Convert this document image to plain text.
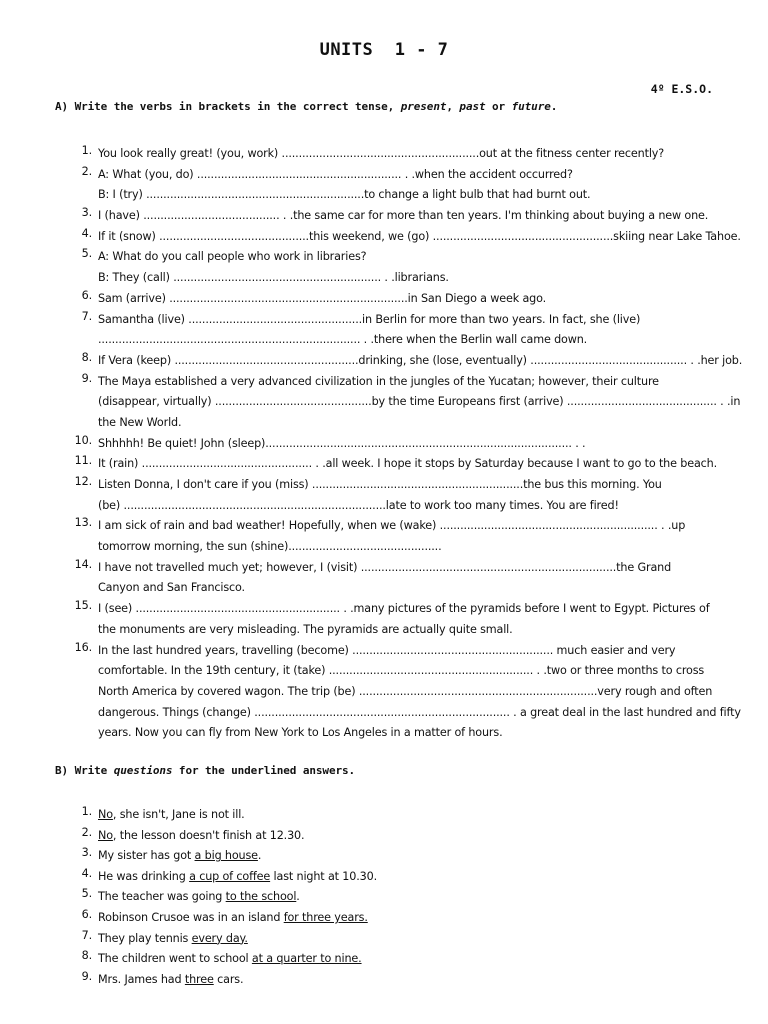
UNITS  1 - 7
4º E.S.O.
A) Write the verbs in brackets in the correct tense, present, past or future.
1. You look really great! (you, work) ..........................................................out at the fitness center recently?
2. A: What (you, do) ............................................................ . .when the accident occurred?
B: I (try) ................................................................to change a light bulb that had burnt out.
3. I (have) ........................................ . .the same car for more than ten years. I'm thinking about buying a new one.
4. If it (snow) ............................................this weekend, we (go) .....................................................skiing near Lake Tahoe.
5. A: What do you call people who work in libraries?
B: They (call) ............................................................. . .librarians.
6. Sam (arrive) ......................................................................in San Diego a week ago.
7. Samantha (live) ...................................................in Berlin for more than two years. In fact, she (live)
............................................................................. . .there when the Berlin wall came down.
8. If Vera (keep) ......................................................drinking, she (lose, eventually) .............................................. . .her job.
9. The Maya established a very advanced civilization in the jungles of the Yucatan; however, their culture
(disappear, virtually) ..............................................by the time Europeans first (arrive) ............................................ . .in
the New World.
10. Shhhhh! Be quiet! John (sleep).......................................................................................... . .
11. It (rain) .................................................. . .all week. I hope it stops by Saturday because I want to go to the beach.
12. Listen Donna, I don't care if you (miss) ..............................................................the bus this morning. You
(be) .............................................................................late to work too many times. You are fired!
13. I am sick of rain and bad weather! Hopefully, when we (wake) ................................................................ . .up
tomorrow morning, the sun (shine).............................................
14. I have not travelled much yet; however, I (visit) ...........................................................................the Grand
Canyon and San Francisco.
15. I (see) ............................................................ . .many pictures of the pyramids before I went to Egypt. Pictures of
the monuments are very misleading. The pyramids are actually quite small.
16. In the last hundred years, travelling (become) ........................................................... much easier and very
comfortable. In the 19th century, it (take) ............................................................ . .two or three months to cross
North America by covered wagon. The trip (be) ......................................................................very rough and often
dangerous. Things (change) ........................................................................... . a great deal in the last hundred and fifty
years. Now you can fly from New York to Los Angeles in a matter of hours.
B) Write questions for the underlined answers.
1. No, she isn't, Jane is not ill.
2. No, the lesson doesn't finish at 12.30.
3. My sister has got a big house.
4. He was drinking a cup of coffee last night at 10.30.
5. The teacher was going to the school.
6. Robinson Crusoe was in an island for three years.
7. They play tennis every day.
8. The children went to school at a quarter to nine.
9. Mrs. James had three cars.
